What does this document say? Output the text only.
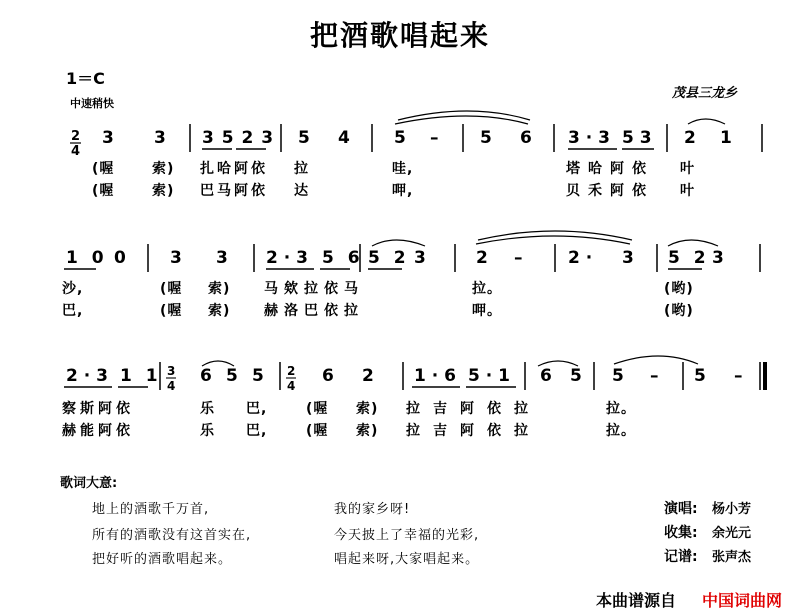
把酒歌唱起来
1＝C
中速稍快
茂县三龙乡
2
4
3
4
2
4
3 3 3 5 2 3 5 4	5 – 5 6 3 · 3 5 3 2 1
(喔	索) 扎哈阿依 拉	哇,	塔哈阿依 叶
(喔	索) 巴马阿依 达	呷,	贝禾阿依 叶
1 0 0	3 3 2 · 3 5 6 5 2 3	2 –	2 · 3 5 2 3
沙,	(喔 索) 马欸拉依马	拉。	(哟)
巴,	(喔 索) 赫洛巴依拉	呷。	(哟)
2 · 3 1 1 6 5 5	6 2 1 · 6 5 · 1 6 5 5 – 5 –
察斯阿依	乐 巴,	(喔 索) 拉吉阿依拉	拉。
赫能阿依	乐 巴,	(喔 索) 拉吉阿依拉	拉。
歌词大意:
地上的酒歌千万首,
所有的酒歌没有这首实在,
把好听的酒歌唱起来。
我的家乡呀!
今天披上了幸福的光彩,
唱起来呀,大家唱起来。
演唱: 杨小芳
收集: 余光元
记谱: 张声杰
本曲谱源自 中国词曲网
